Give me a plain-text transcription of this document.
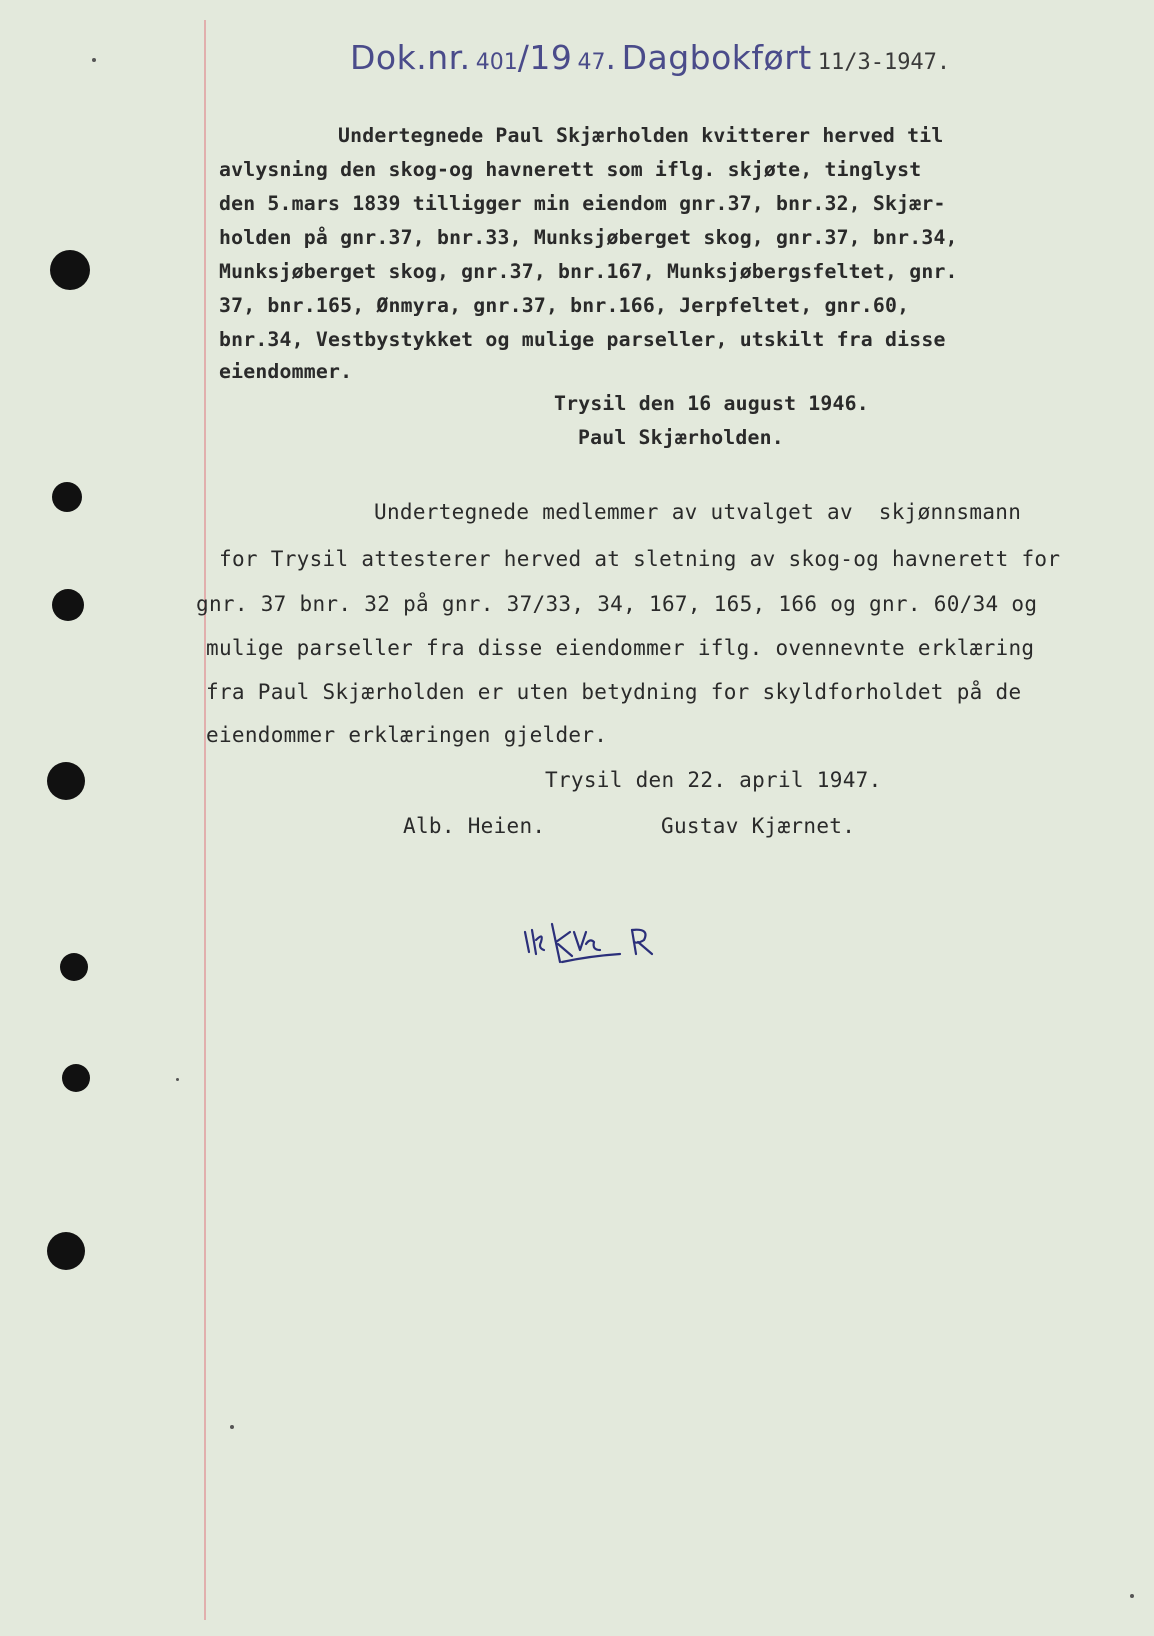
Dok.nr. 401/19 47. Dagbokført 11/3-1947.
Undertegnede Paul Skjærholden kvitterer herved til
avlysning den skog-og havnerett som iflg. skjøte, tinglyst
den 5.mars 1839 tilligger min eiendom gnr.37, bnr.32, Skjær-
holden på gnr.37, bnr.33, Munksjøberget skog, gnr.37, bnr.34,
Munksjøberget skog, gnr.37, bnr.167, Munksjøbergsfeltet, gnr.
37, bnr.165, Ønmyra, gnr.37, bnr.166, Jerpfeltet, gnr.60,
bnr.34, Vestbystykket og mulige parseller, utskilt fra disse
eiendommer.
Trysil den 16 august 1946.
Paul Skjærholden.
Undertegnede medlemmer av utvalget av  skjønnsmann
for Trysil attesterer herved at sletning av skog-og havnerett for
gnr. 37 bnr. 32 på gnr. 37/33, 34, 167, 165, 166 og gnr. 60/34 og
mulige parseller fra disse eiendommer iflg. ovennevnte erklæring
fra Paul Skjærholden er uten betydning for skyldforholdet på de
eiendommer erklæringen gjelder.
Trysil den 22. april 1947.
Alb. Heien.	Gustav Kjærnet.
